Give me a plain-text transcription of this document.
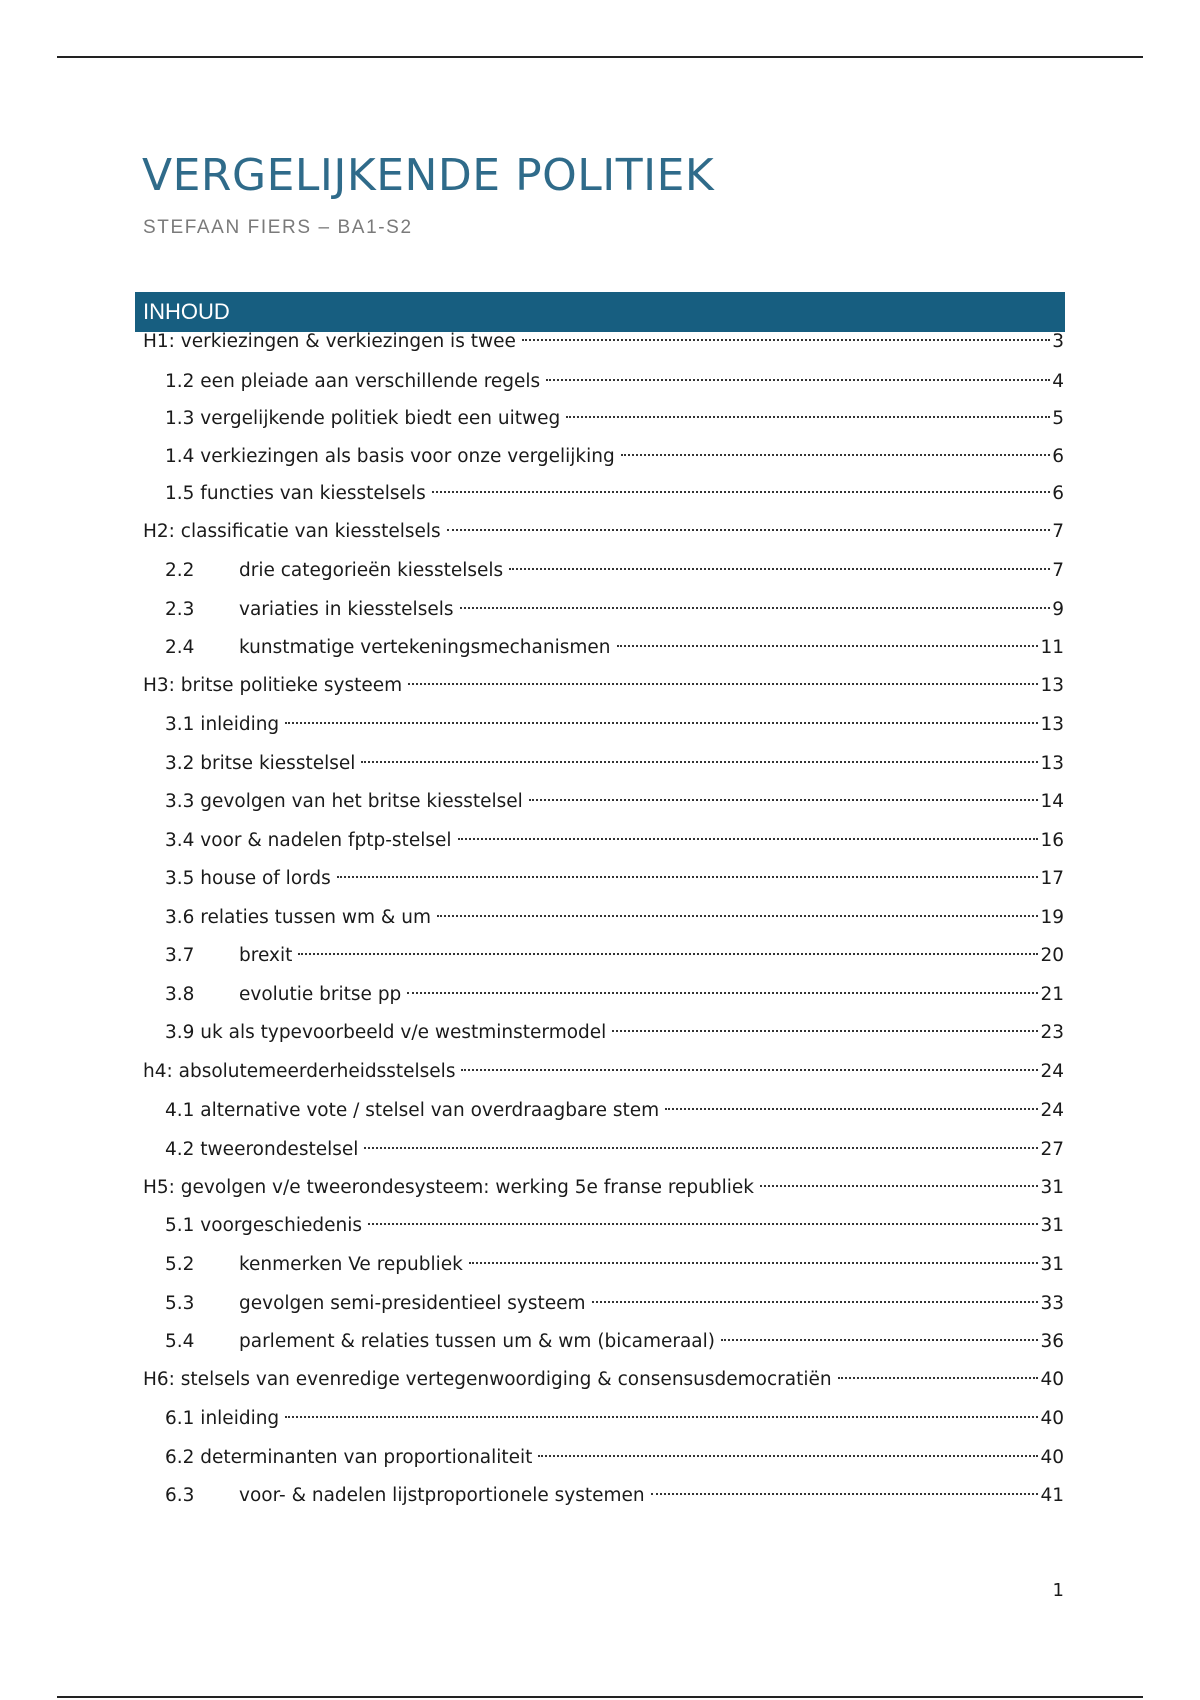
VERGELIJKENDE POLITIEK
STEFAAN FIERS – BA1-S2
INHOUD
H1: verkiezingen & verkiezingen is twee	3
1.2 een pleiade aan verschillende regels	4
1.3 vergelijkende politiek biedt een uitweg	5
1.4 verkiezingen als basis voor onze vergelijking	6
1.5 functies van kiesstelsels	6
H2: classificatie van kiesstelsels	7
2.2	drie categorieën kiesstelsels	7
2.3	variaties in kiesstelsels	9
2.4	kunstmatige vertekeningsmechanismen	11
H3: britse politieke systeem	13
3.1 inleiding	13
3.2 britse kiesstelsel	13
3.3 gevolgen van het britse kiesstelsel	14
3.4 voor & nadelen fptp-stelsel	16
3.5 house of lords	17
3.6 relaties tussen wm & um	19
3.7	brexit	20
3.8	evolutie britse pp	21
3.9 uk als typevoorbeeld v/e westminstermodel	23
h4: absolutemeerderheidsstelsels	24
4.1 alternative vote / stelsel van overdraagbare stem	24
4.2 tweerondestelsel	27
H5: gevolgen v/e tweerondesysteem: werking 5e franse republiek	31
5.1 voorgeschiedenis	31
5.2	kenmerken Ve republiek	31
5.3	gevolgen semi-presidentieel systeem	33
5.4	parlement & relaties tussen um & wm (bicameraal)	36
H6: stelsels van evenredige vertegenwoordiging & consensusdemocratiën	40
6.1 inleiding	40
6.2 determinanten van proportionaliteit	40
6.3	voor- & nadelen lijstproportionele systemen	41
1
